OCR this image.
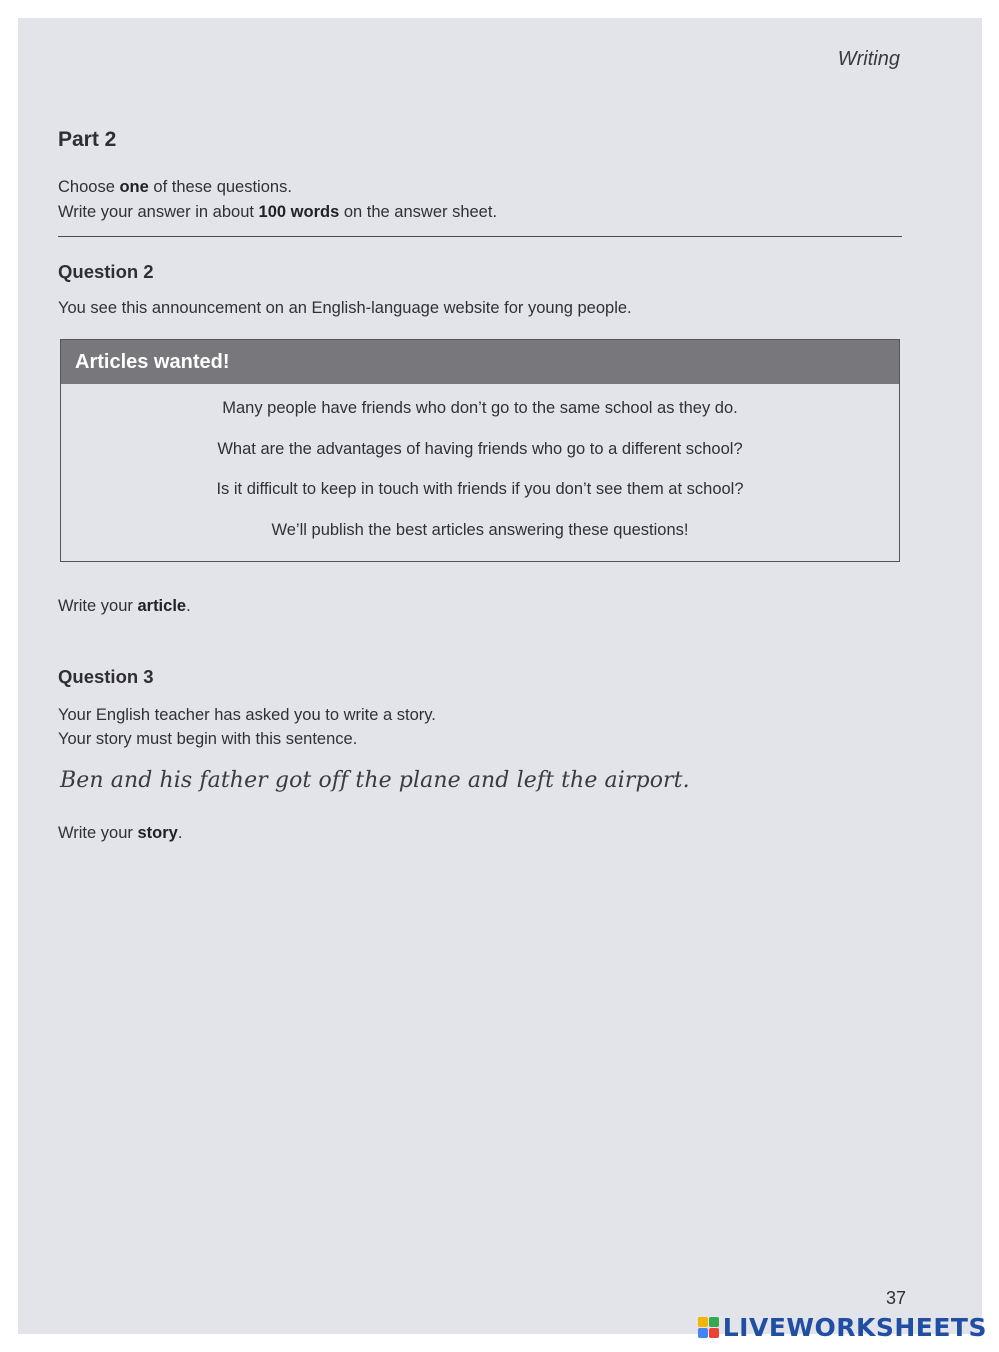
Writing
Part 2
Choose one of these questions.
Write your answer in about 100 words on the answer sheet.
Question 2
You see this announcement on an English-language website for young people.
Articles wanted!
Many people have friends who don’t go to the same school as they do.
What are the advantages of having friends who go to a different school?
Is it difficult to keep in touch with friends if you don’t see them at school?
We’ll publish the best articles answering these questions!
Write your article.
Question 3
Your English teacher has asked you to write a story.
Your story must begin with this sentence.
Ben and his father got off the plane and left the airport.
Write your story.
37
LIVEWORKSHEETS
